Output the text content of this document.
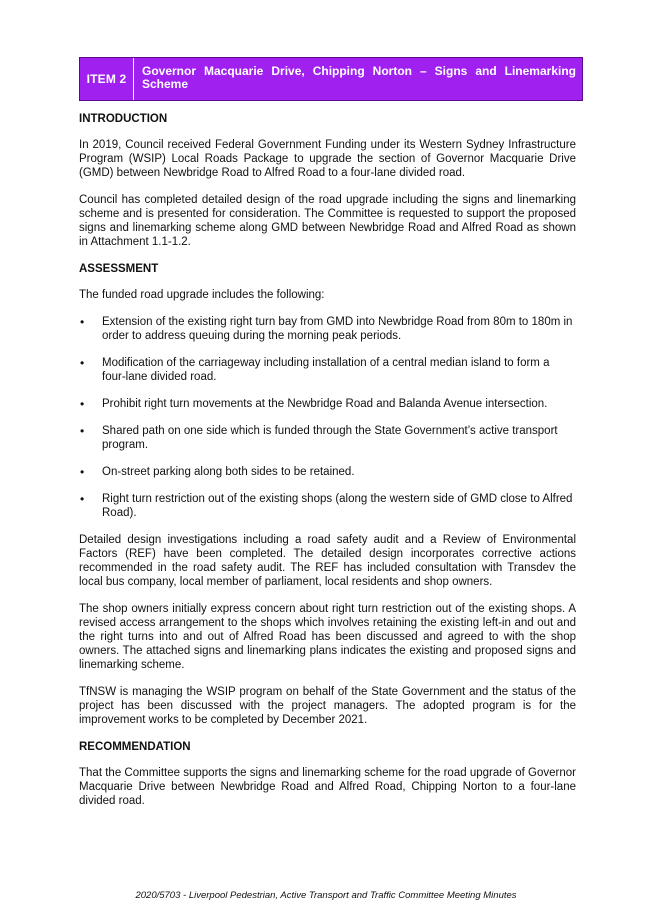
ITEM 2
Governor Macquarie Drive, Chipping Norton – Signs and Linemarking Scheme
INTRODUCTION

In 2019, Council received Federal Government Funding under its Western Sydney Infrastructure Program (WSIP) Local Roads Package to upgrade the section of Governor Macquarie Drive (GMD) between Newbridge Road to Alfred Road to a four-lane divided road.

Council has completed detailed design of the road upgrade including the signs and linemarking scheme and is presented for consideration. The Committee is requested to support the proposed signs and linemarking scheme along GMD between Newbridge Road and Alfred Road as shown in Attachment 1.1-1.2.

ASSESSMENT

The funded road upgrade includes the following:

• Extension of the existing right turn bay from GMD into Newbridge Road from 80m to 180m in order to address queuing during the morning peak periods.
• Modification of the carriageway including installation of a central median island to form a four-lane divided road.
• Prohibit right turn movements at the Newbridge Road and Balanda Avenue intersection.
• Shared path on one side which is funded through the State Government’s active transport program.
• On-street parking along both sides to be retained.
• Right turn restriction out of the existing shops (along the western side of GMD close to Alfred Road).

Detailed design investigations including a road safety audit and a Review of Environmental Factors (REF) have been completed. The detailed design incorporates corrective actions recommended in the road safety audit. The REF has included consultation with Transdev the local bus company, local member of parliament, local residents and shop owners.

The shop owners initially express concern about right turn restriction out of the existing shops. A revised access arrangement to the shops which involves retaining the existing left-in and out and the right turns into and out of Alfred Road has been discussed and agreed to with the shop owners. The attached signs and linemarking plans indicates the existing and proposed signs and linemarking scheme.

TfNSW is managing the WSIP program on behalf of the State Government and the status of the project has been discussed with the project managers. The adopted program is for the improvement works to be completed by December 2021.

RECOMMENDATION

That the Committee supports the signs and linemarking scheme for the road upgrade of Governor Macquarie Drive between Newbridge Road and Alfred Road, Chipping Norton to a four-lane divided road.

2020/5703 - Liverpool Pedestrian, Active Transport and Traffic Committee Meeting Minutes
